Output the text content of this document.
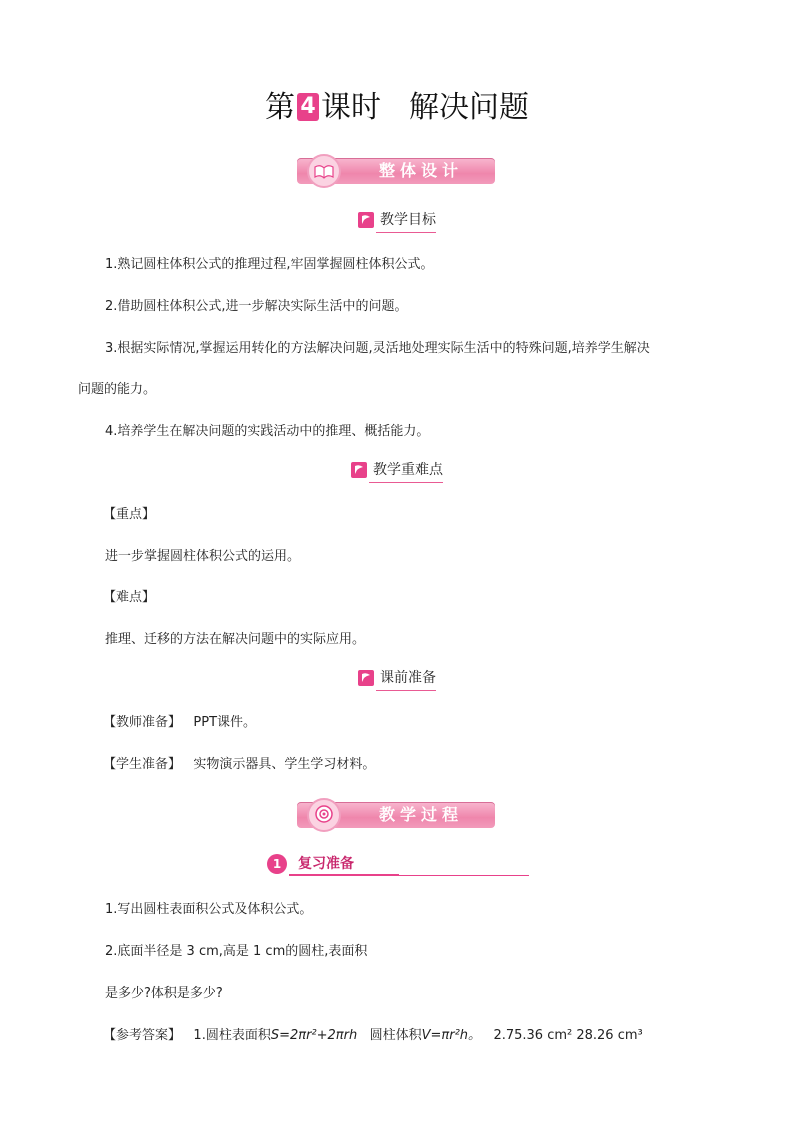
第 4 课时 解决问题
整体设计
教学目标
1.熟记圆柱体积公式的推理过程,牢固掌握圆柱体积公式。
2.借助圆柱体积公式,进一步解决实际生活中的问题。
3.根据实际情况,掌握运用转化的方法解决问题,灵活地处理实际生活中的特殊问题,培养学生解决
问题的能力。
4.培养学生在解决问题的实践活动中的推理、概括能力。
教学重难点
【重点】
进一步掌握圆柱体积公式的运用。
【难点】
推理、迁移的方法在解决问题中的实际应用。
课前准备
【教师准备】 PPT课件。
【学生准备】 实物演示器具、学生学习材料。
教学过程
1	复习准备
1.写出圆柱表面积公式及体积公式。
2.底面半径是 3 cm,高是 1 cm的圆柱,表面积
是多少?体积是多少?
【参考答案】 1.圆柱表面积S=2πr²+2πrh 圆柱体积V=πr²h。 2.75.36 cm² 28.26 cm³
